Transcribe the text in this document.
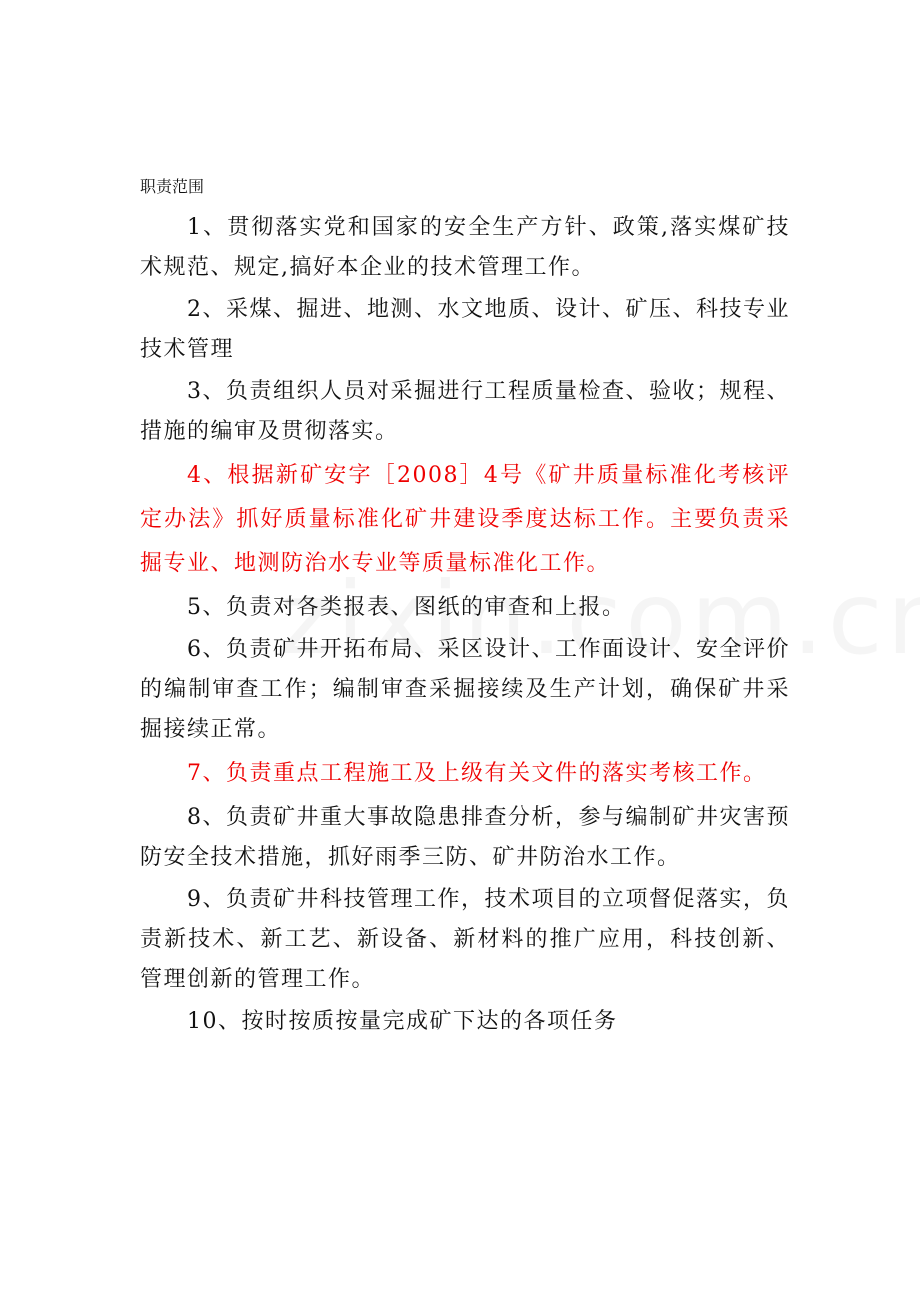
职责范围

1、贯彻落实党和国家的安全生产方针、政策,落实煤矿技术规范、规定,搞好本企业的技术管理工作。

2、采煤、掘进、地测、水文地质、设计、矿压、科技专业技术管理

3、负责组织人员对采掘进行工程质量检查、验收；规程、措施的编审及贯彻落实。

4、根据新矿安字［2008］4号《矿井质量标准化考核评定办法》抓好质量标准化矿井建设季度达标工作。主要负责采掘专业、地测防治水专业等质量标准化工作。

5、负责对各类报表、图纸的审查和上报。

6、负责矿井开拓布局、采区设计、工作面设计、安全评价的编制审查工作；编制审查采掘接续及生产计划，确保矿井采掘接续正常。

7、负责重点工程施工及上级有关文件的落实考核工作。

8、负责矿井重大事故隐患排查分析，参与编制矿井灾害预防安全技术措施，抓好雨季三防、矿井防治水工作。

9、负责矿井科技管理工作，技术项目的立项督促落实，负责新技术、新工艺、新设备、新材料的推广应用，科技创新、管理创新的管理工作。

10、按时按质按量完成矿下达的各项任务
